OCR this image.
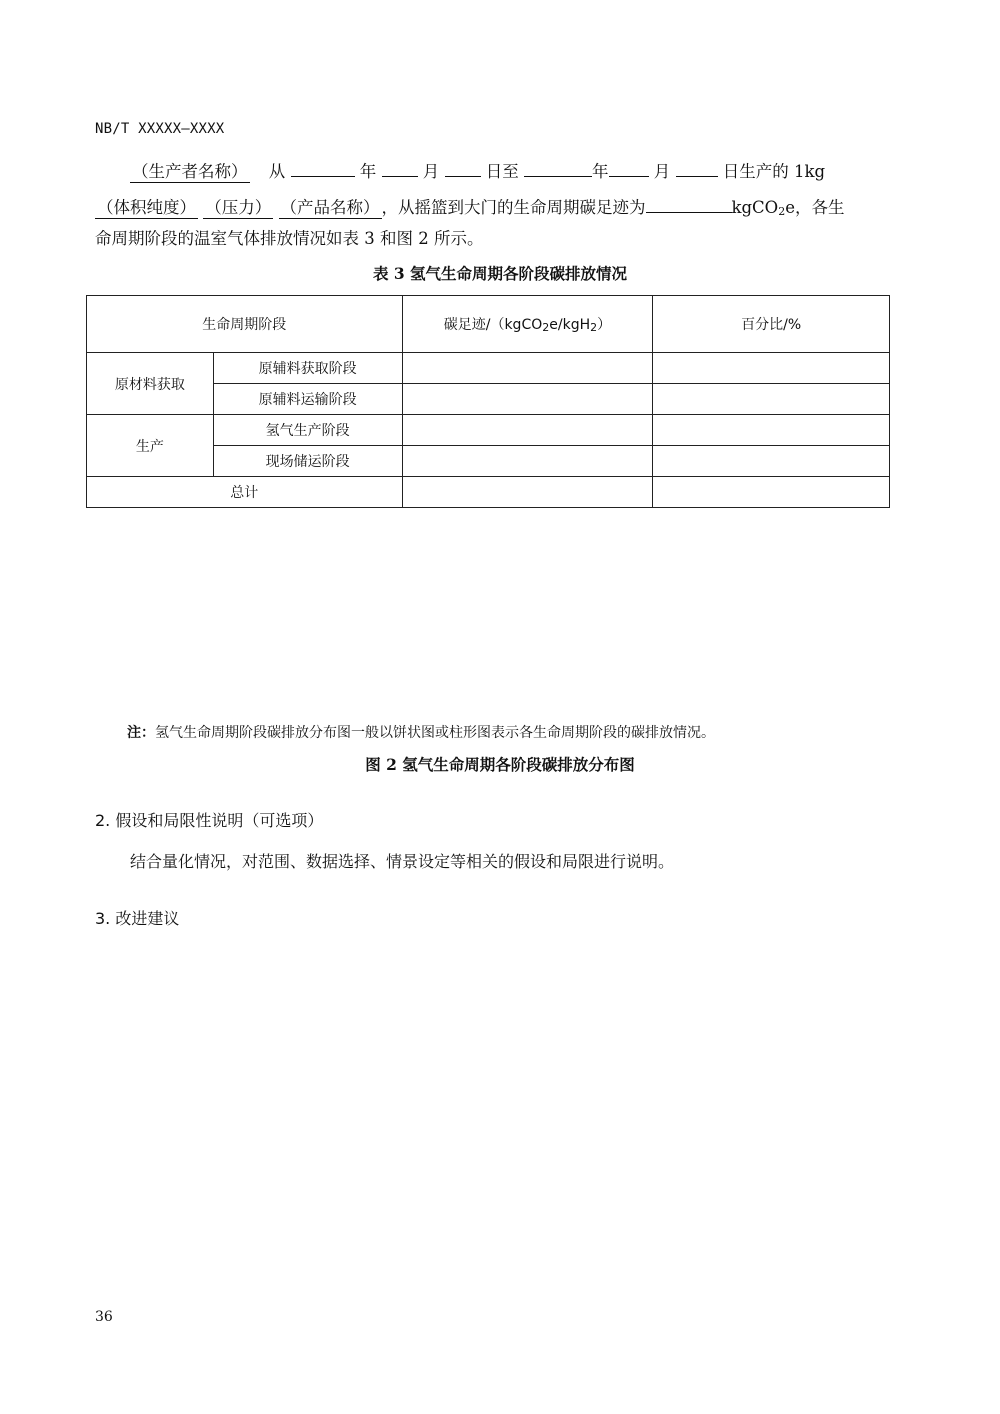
NB/T XXXXX—XXXX
（生产者名称） 从	年	月	日至	年	月	日生产的 1kg
（体积纯度） （压力） （产品名称） ，从摇篮到大门的生命周期碳足迹为	kgCO2e，各生
命周期阶段的温室气体排放情况如表 3 和图 2 所示。
表 3 氢气生命周期各阶段碳排放情况
生命周期阶段		碳足迹/（kgCO2e/kgH2）	百分比/%
原材料获取	原辅料获取阶段		
	原辅料运输阶段		
生产	氢气生产阶段		
	现场储运阶段		
总计			
注：氢气生命周期阶段碳排放分布图一般以饼状图或柱形图表示各生命周期阶段的碳排放情况。
图 2 氢气生命周期各阶段碳排放分布图
2. 假设和局限性说明（可选项）
结合量化情况，对范围、数据选择、情景设定等相关的假设和局限进行说明。
3. 改进建议
36
